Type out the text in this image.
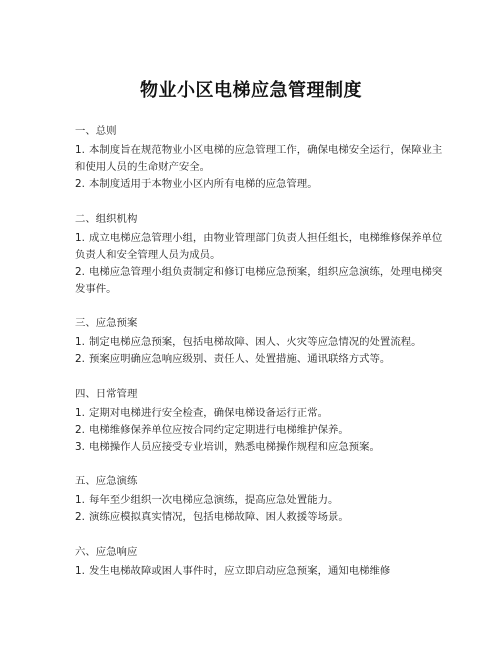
物业小区电梯应急管理制度
一、总则
1. 本制度旨在规范物业小区电梯的应急管理工作，确保电梯安全运行，保障业主和使用人员的生命财产安全。
2. 本制度适用于本物业小区内所有电梯的应急管理。
二、组织机构
1. 成立电梯应急管理小组，由物业管理部门负责人担任组长，电梯维修保养单位负责人和安全管理人员为成员。
2. 电梯应急管理小组负责制定和修订电梯应急预案，组织应急演练，处理电梯突发事件。
三、应急预案
1. 制定电梯应急预案，包括电梯故障、困人、火灾等应急情况的处置流程。
2. 预案应明确应急响应级别、责任人、处置措施、通讯联络方式等。
四、日常管理
1. 定期对电梯进行安全检查，确保电梯设备运行正常。
2. 电梯维修保养单位应按合同约定定期进行电梯维护保养。
3. 电梯操作人员应接受专业培训，熟悉电梯操作规程和应急预案。
五、应急演练
1. 每年至少组织一次电梯应急演练，提高应急处置能力。
2. 演练应模拟真实情况，包括电梯故障、困人救援等场景。
六、应急响应
1. 发生电梯故障或困人事件时，应立即启动应急预案，通知电梯维修
